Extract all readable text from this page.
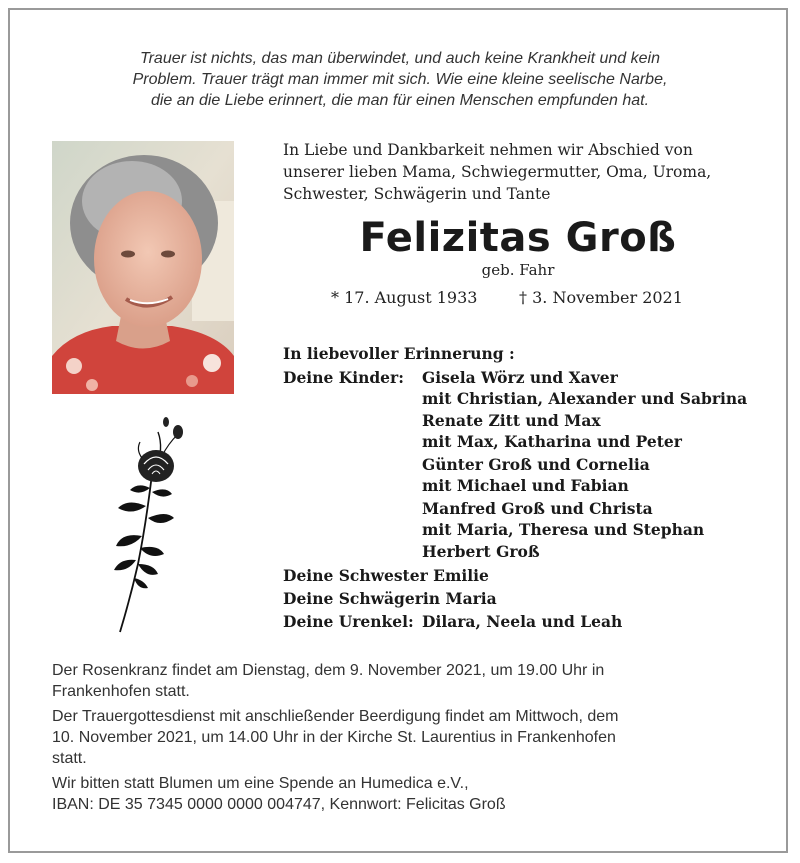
Trauer ist nichts, das man überwindet, und auch keine Krankheit und kein
Problem. Trauer trägt man immer mit sich. Wie eine kleine seelische Narbe,
die an die Liebe erinnert, die man für einen Menschen empfunden hat.
In Liebe und Dankbarkeit nehmen wir Abschied von
unserer lieben Mama, Schwiegermutter, Oma, Uroma,
Schwester, Schwägerin und Tante
Felizitas Groß
geb. Fahr
* 17. August 1933	† 3. November 2021
In liebevoller Erinnerung :
Deine Kinder: Gisela Wörz und Xaver
mit Christian, Alexander und Sabrina
Renate Zitt und Max
mit Max, Katharina und Peter
Günter Groß und Cornelia
mit Michael und Fabian
Manfred Groß und Christa
mit Maria, Theresa und Stephan
Herbert Groß
Deine Schwester Emilie
Deine Schwägerin Maria
Deine Urenkel: Dilara, Neela und Leah

Der Rosenkranz findet am Dienstag, dem 9. November 2021, um 19.00 Uhr in
Frankenhofen statt.

Der Trauergottesdienst mit anschließender Beerdigung findet am Mittwoch, dem
10. November 2021, um 14.00 Uhr in der Kirche St. Laurentius in Frankenhofen
statt.

Wir bitten statt Blumen um eine Spende an Humedica e.V.,
IBAN: DE 35 7345 0000 0000 004747, Kennwort: Felicitas Groß
